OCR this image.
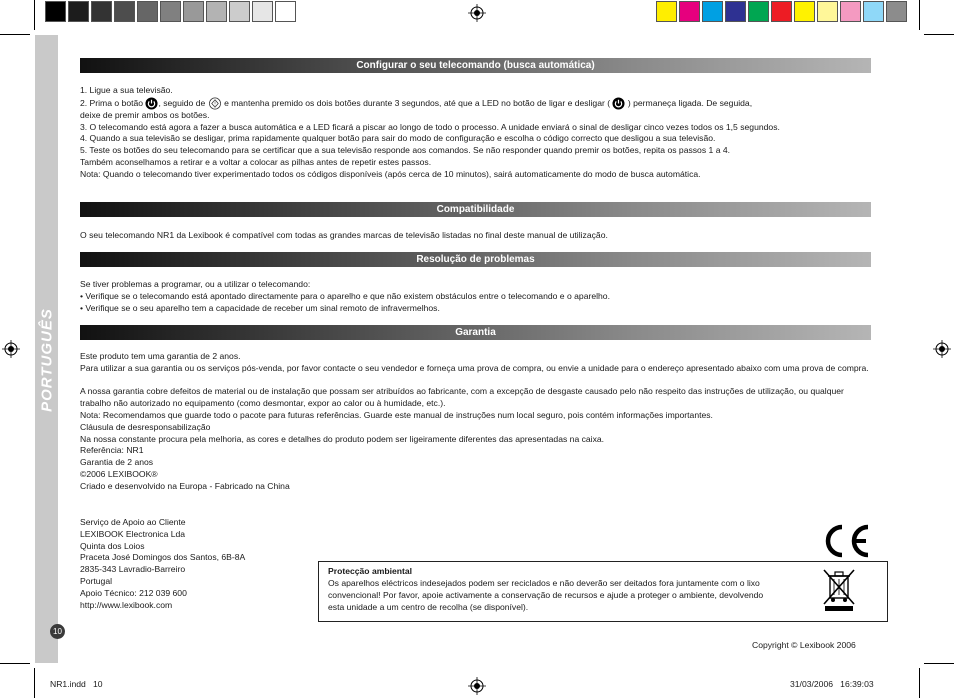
PORTUGUÊS
10
Configurar o seu telecomando (busca automática)

1. Ligue a sua televisão.

2. Prima o botão , seguido de ! e mantenha premido os dois botões durante 3 segundos, até que a LED no botão de ligar e desligar ( ) permaneça ligada. De seguida,
deixe de premir ambos os botões.

3. O telecomando está agora a fazer a busca automática e a LED ficará a piscar ao longo de todo o processo. A unidade enviará o sinal de desligar cinco vezes todos os 1,5 segundos.

4. Quando a sua televisão se desligar, prima rapidamente qualquer botão para sair do modo de configuração e escolha o código correcto que desligou a sua televisão.

5. Teste os botões do seu telecomando para se certificar que a sua televisão responde aos comandos. Se não responder quando premir os botões, repita os passos 1 a 4.

Também aconselhamos a retirar e a voltar a colocar as pilhas antes de repetir estes passos.

Nota: Quando o telecomando tiver experimentado todos os códigos disponíveis (após cerca de 10 minutos), sairá automaticamente do modo de busca automática.

Compatibilidade

O seu telecomando NR1 da Lexibook é compatível com todas as grandes marcas de televisão listadas no final deste manual de utilização.

Resolução de problemas

Se tiver problemas a programar, ou a utilizar o telecomando:

• Verifique se o telecomando está apontado directamente para o aparelho e que não existem obstáculos entre o telecomando e o aparelho.

• Verifique se o seu aparelho tem a capacidade de receber um sinal remoto de infravermelhos.

Garantia

Este produto tem uma garantia de 2 anos.

Para utilizar a sua garantia ou os serviços pós-venda, por favor contacte o seu vendedor e forneça uma prova de compra, ou envie a unidade para o endereço apresentado abaixo com uma prova de compra.

A nossa garantia cobre defeitos de material ou de instalação que possam ser atribuídos ao fabricante, com a excepção de desgaste causado pelo não respeito das instruções de utilização, ou qualquer trabalho não autorizado no equipamento (como desmontar, expor ao calor ou à humidade, etc.).

Nota: Recomendamos que guarde todo o pacote para futuras referências. Guarde este manual de instruções num local seguro, pois contém informações importantes.

Cláusula de desresponsabilização

Na nossa constante procura pela melhoria, as cores e detalhes do produto podem ser ligeiramente diferentes das apresentadas na caixa.

Referência: NR1

Garantia de 2 anos

©2006 LEXIBOOK®

Criado e desenvolvido na Europa - Fabricado na China

Serviço de Apoio ao Cliente

LEXIBOOK Electronica Lda

Quinta dos Loios

Praceta José Domingos dos Santos, 6B-8A

2835-343 Lavradio-Barreiro

Portugal

Apoio Técnico: 212 039 600

http://www.lexibook.com

Protecção ambiental
Os aparelhos eléctricos indesejados podem ser reciclados e não deverão ser deitados fora juntamente com o lixo convencional! Por favor, apoie activamente a conservação de recursos e ajude a proteger o ambiente, devolvendo esta unidade a um centro de recolha (se disponível).
Copyright © Lexibook 2006
NR1.indd   10	31/03/2006   16:39:03
